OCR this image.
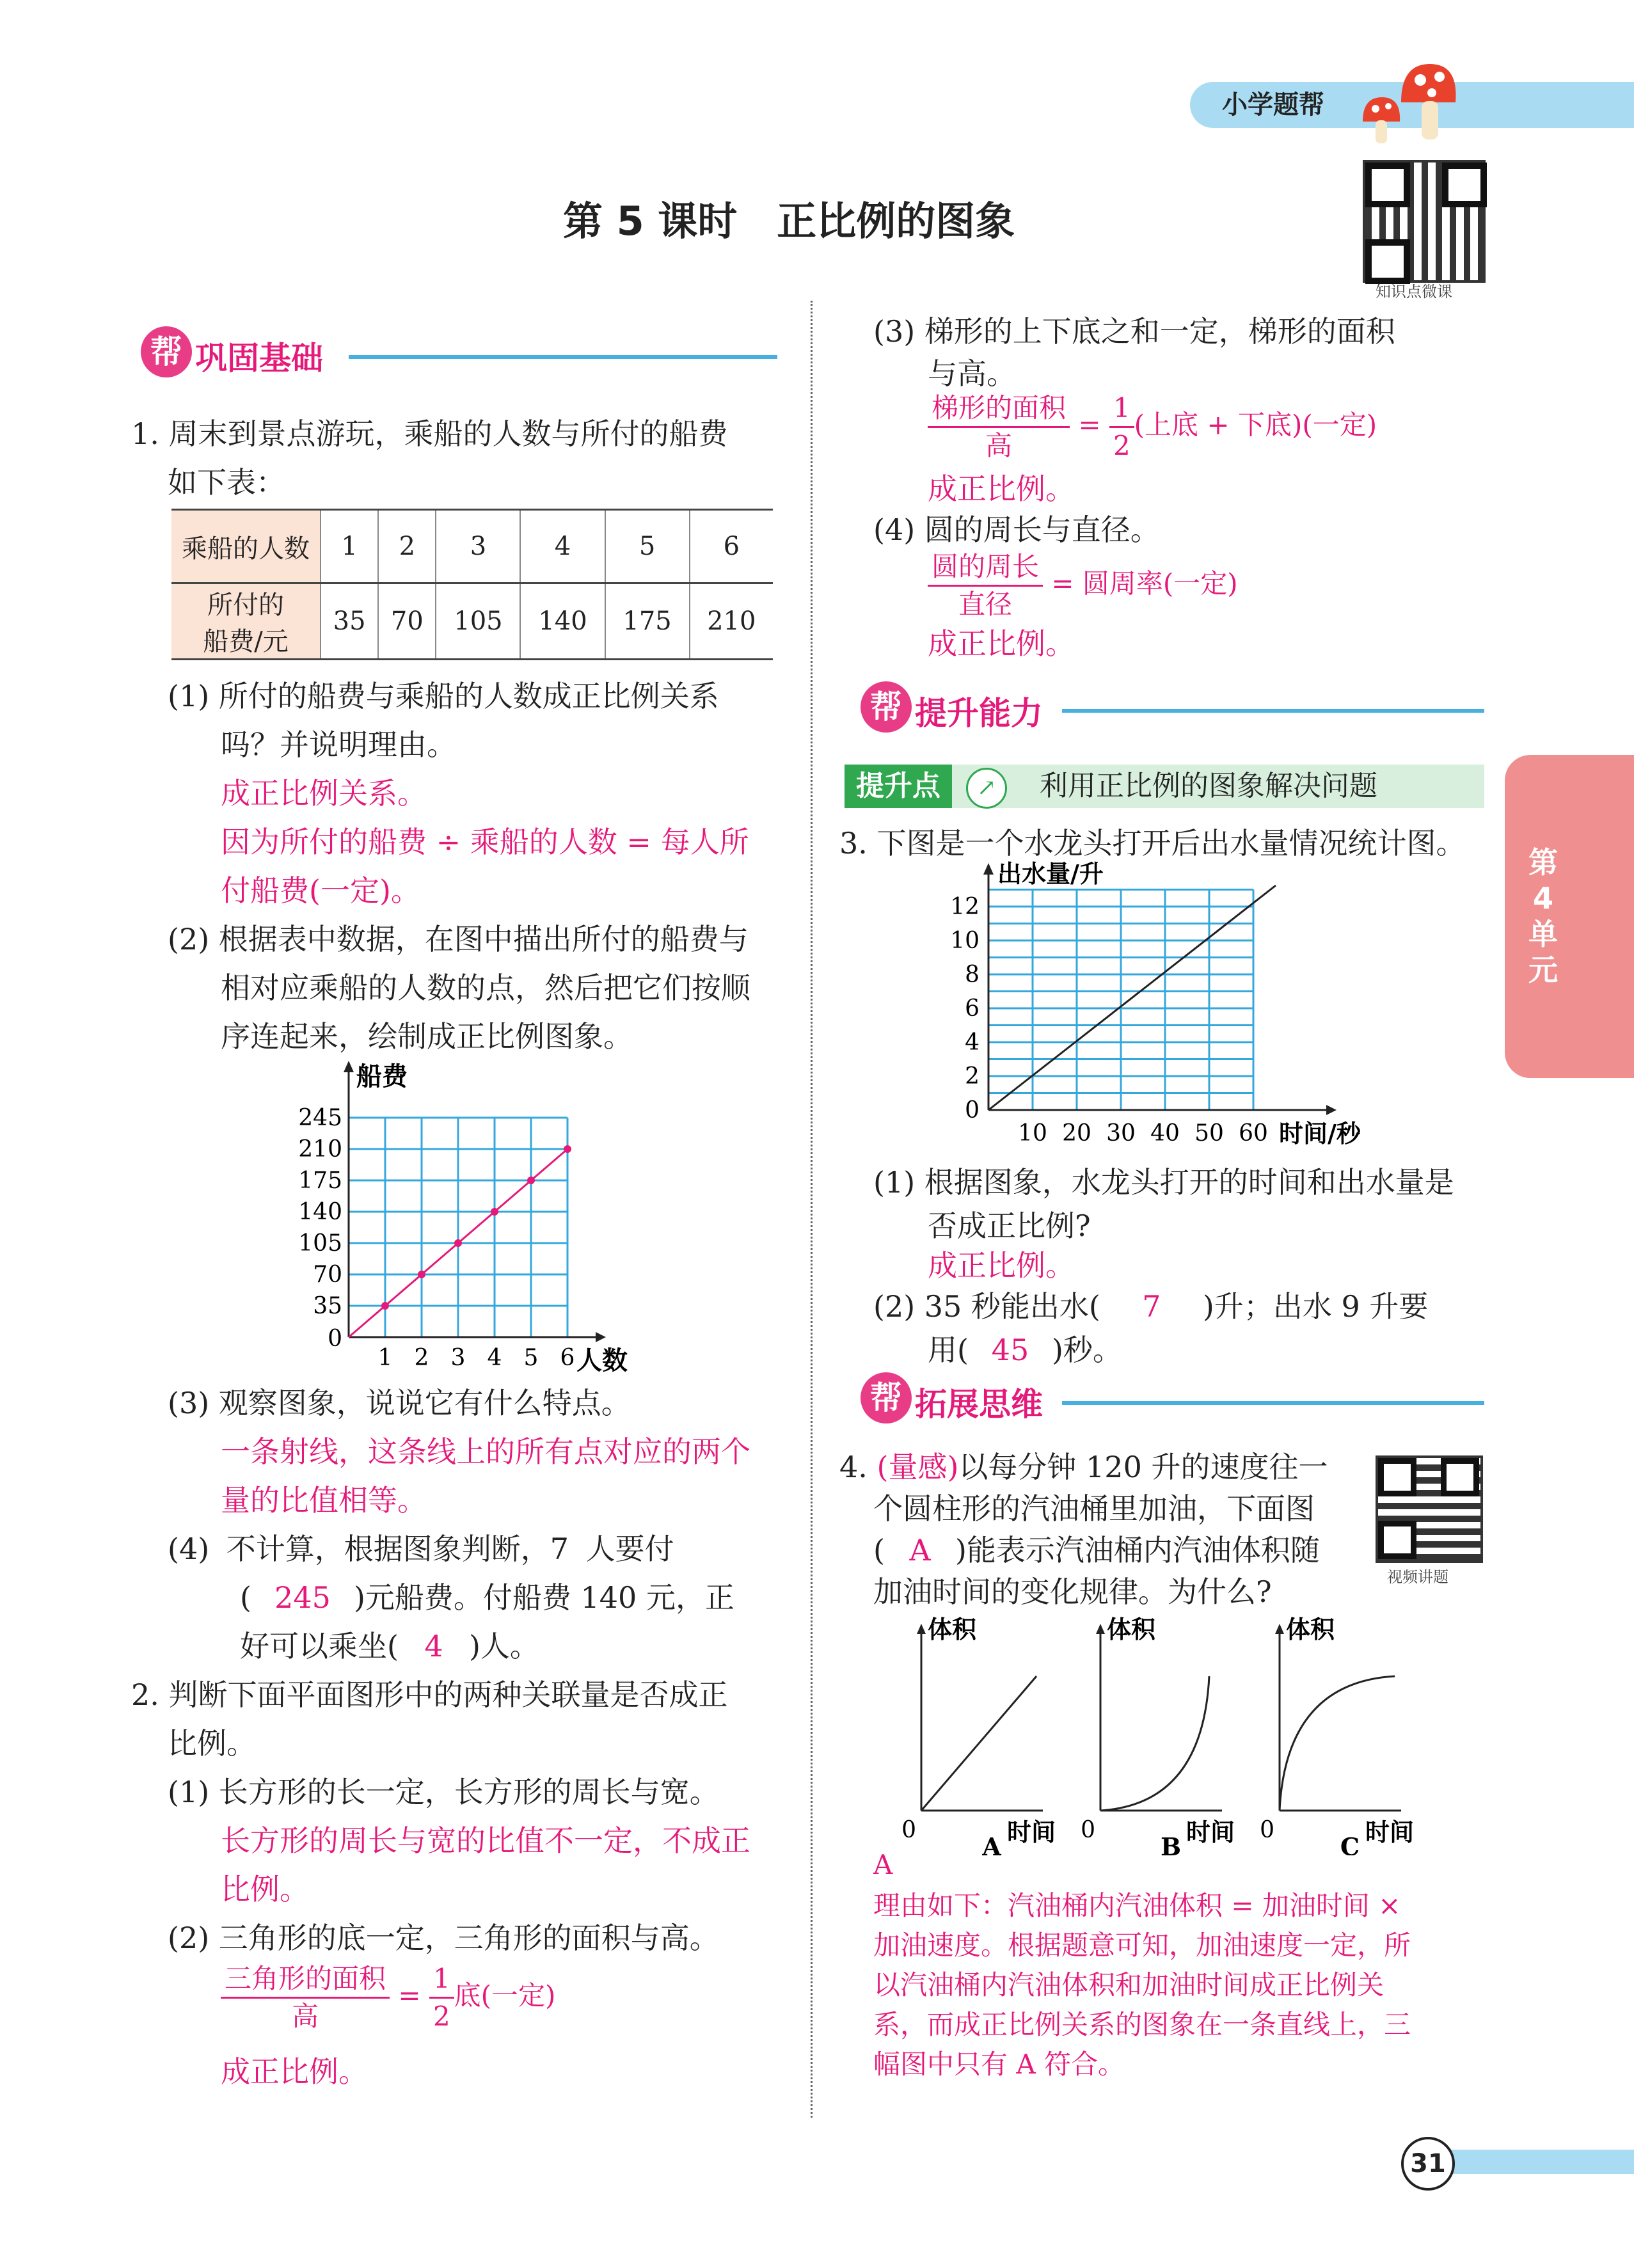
小学题帮
知识点微课
第 5 课时　正比例的图象
帮 巩固基础
1. 周末到景点游玩，乘船的人数与所付的船费
如下表：
乘船的人数	1	2	3	4	5	6

所付的
船费/元	35	70	105	140	175	210
(1) 所付的船费与乘船的人数成正比例关系
吗？并说明理由。
成正比例关系。
因为所付的船费 ÷ 乘船的人数 = 每人所
付船费(一定)。
(2) 根据表中数据，在图中描出所付的船费与
相对应乘船的人数的点，然后把它们按顺
序连起来，绘制成正比例图象。
35
70
105
140
175
210
245
1 2 3 4 5 6
0
船费
人数
(3) 观察图象，说说它有什么特点。
一条射线，这条线上的所有点对应的两个
量的比值相等。
(4) 不计算，根据图象判断，7 人要付
( 245 )元船费。付船费 140 元，正
好可以乘坐( 4 )人。
2. 判断下面平面图形中的两种关联量是否成正
比例。
(1) 长方形的长一定，长方形的周长与宽。
长方形的周长与宽的比值不一定，不成正
比例。
(2) 三角形的底一定，三角形的面积与高。
$\frac{\text{三角形的面积}}{\text{高}} = \frac{1}{2}$ 底(一定)
成正比例。
(3) 梯形的上下底之和一定，梯形的面积
与高。
$\frac{\text{梯形的面积}}{\text{高}} = \frac{1}{2}$ (上底 + 下底)(一定)
成正比例。
(4) 圆的周长与直径。
$\frac{\text{圆的周长}}{\text{直径}}$ = 圆周率(一定)
成正比例。
帮 提升能力
提升点	↗	利用正比例的图象解决问题
3. 下图是一个水龙头打开后出水量情况统计图。
2
4
6
8
10
12
10 20 30 40 50 60
0
出水量/升
时间/秒
(1) 根据图象，水龙头打开的时间和出水量是
否成正比例?
成正比例。
(2) 35 秒能出水( 7 )升；出水 9 升要
用( 45 )秒。
帮 拓展思维
4. (量感)以每分钟 120 升的速度往一
个圆柱形的汽油桶里加油，下面图
( A )能表示汽油桶内汽油体积随
加油时间的变化规律。为什么?	视频讲题
体积
0	时间
A
体积
0	时间
B
体积
0	时间
C
A
理由如下：汽油桶内汽油体积 = 加油时间 ×
加油速度。根据题意可知，加油速度一定，所
以汽油桶内汽油体积和加油时间成正比例关
系，而成正比例关系的图象在一条直线上，三
幅图中只有 A 符合。
第
4
单
元
31
